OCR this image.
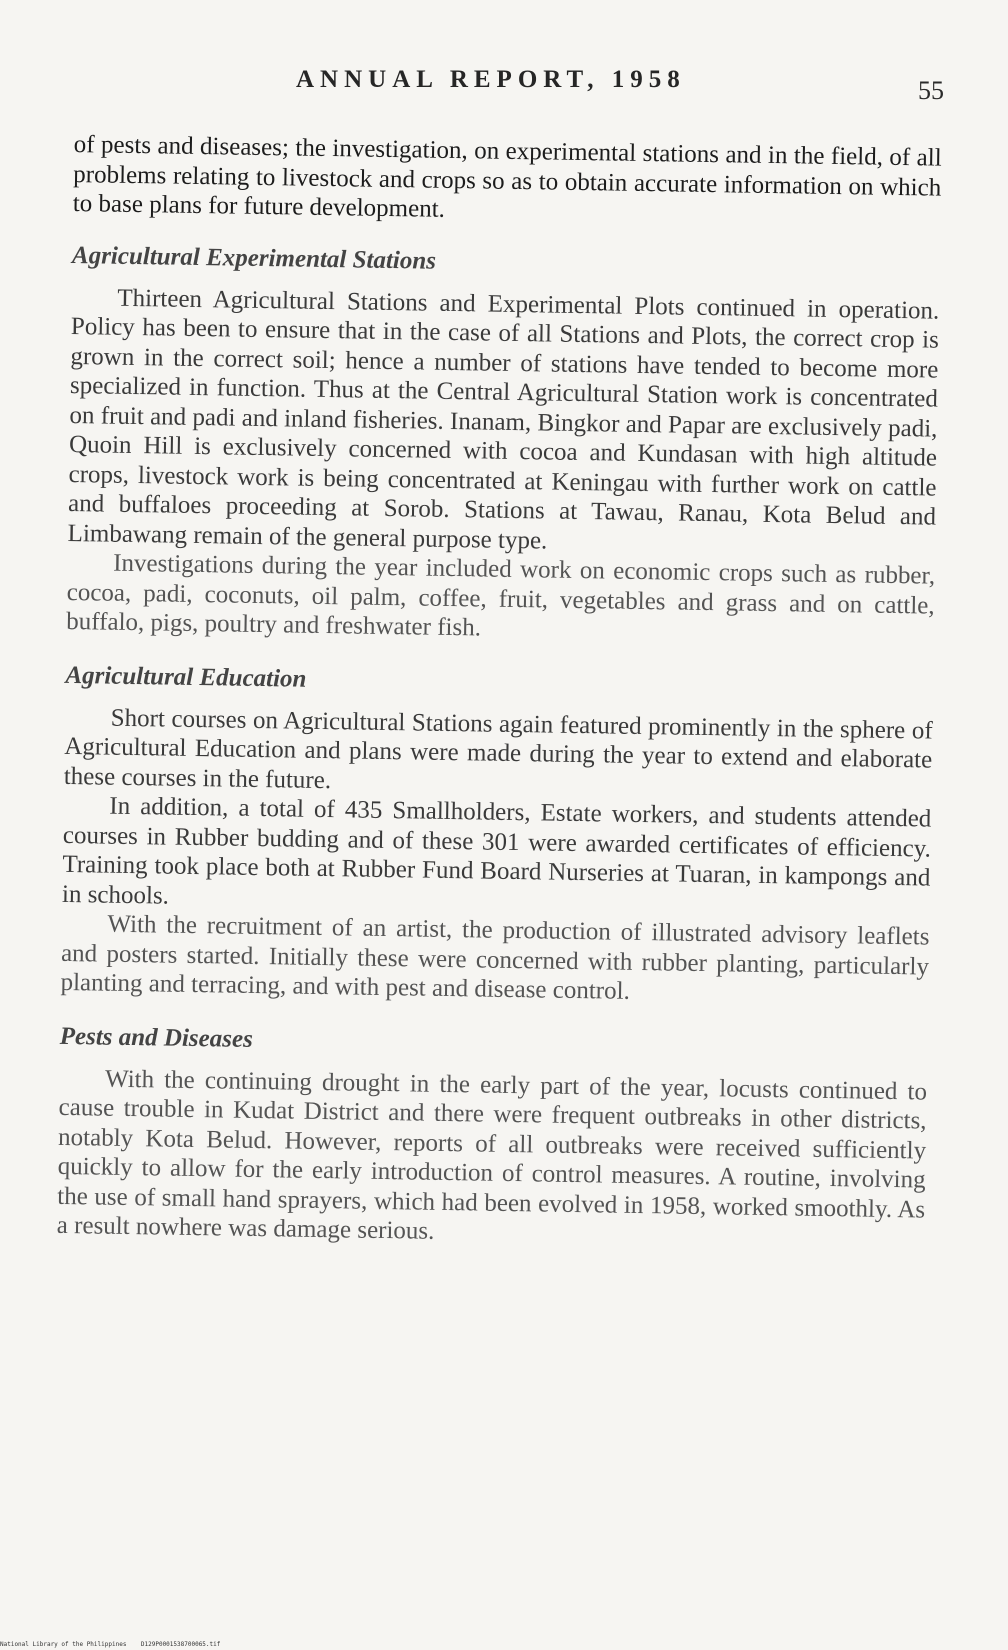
ANNUAL REPORT, 1958	55

of pests and diseases; the investigation, on experimental stations and in the field, of all problems relating to livestock and crops so as to obtain accurate information on which to base plans for future development.

Agricultural Experimental Stations

Thirteen Agricultural Stations and Experimental Plots continued in operation. Policy has been to ensure that in the case of all Stations and Plots, the correct crop is grown in the correct soil; hence a number of stations have tended to become more specialized in function. Thus at the Central Agricultural Station work is concentrated on fruit and padi and inland fisheries. Inanam, Bingkor and Papar are exclusively padi, Quoin Hill is exclusively concerned with cocoa and Kundasan with high altitude crops, livestock work is being concentrated at Keningau with further work on cattle and buffaloes proceeding at Sorob. Stations at Tawau, Ranau, Kota Belud and Limbawang remain of the general purpose type.

Investigations during the year included work on economic crops such as rubber, cocoa, padi, coconuts, oil palm, coffee, fruit, vegetables and grass and on cattle, buffalo, pigs, poultry and freshwater fish.

Agricultural Education

Short courses on Agricultural Stations again featured prominently in the sphere of Agricultural Education and plans were made during the year to extend and elaborate these courses in the future.

In addition, a total of 435 Smallholders, Estate workers, and students attended courses in Rubber budding and of these 301 were awarded certificates of efficiency. Training took place both at Rubber Fund Board Nurseries at Tuaran, in kampongs and in schools.

With the recruitment of an artist, the production of illustrated advisory leaflets and posters started. Initially these were concerned with rubber planting, particularly planting and terracing, and with pest and disease control.

Pests and Diseases

With the continuing drought in the early part of the year, locusts continued to cause trouble in Kudat District and there were frequent outbreaks in other districts, notably Kota Belud. However, reports of all outbreaks were received sufficiently quickly to allow for the early introduction of control measures. A routine, involving the use of small hand sprayers, which had been evolved in 1958, worked smoothly. As a result nowhere was damage serious.

National Library of the Philippines D129P0001538700065.tif
